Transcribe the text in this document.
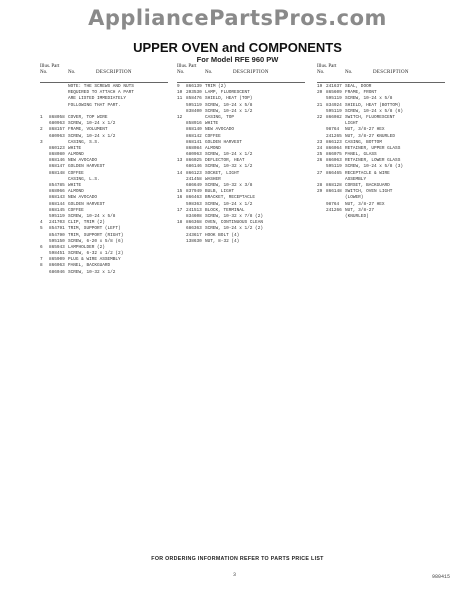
AppliancePartsPros.com
UPPER OVEN and COMPONENTS
For Model RFE 960 PW
Illus. Part
No.	No.	DESCRIPTION
NOTE: THE SCREWS AND NUTS
REQUIRED TO ATTACH A PART
ARE LISTED IMMEDIATELY
FOLLOWING THAT PART.
1 868058 COVER, TOP WIRE
680963 SCREW, 10-24 x 1/2
2 868157 FRAME, VOLUMENT
680963 SCREW, 10-24 x 1/2
3	CASING, S.S.
860123 WHITE
868080 ALMOND
868146 NEW AVOCADO
868147 GOLDEN HARVEST
868148 COFFEE
CASING, L.S.
854785 WHITE
868066 ALMOND
868143 NEW AVOCADO
868144 GOLDEN HARVEST
868145 COFFEE
595119 SCREW, 10-24 x 5/8
4 241703 CLIP, TRIM (2)
5 854791 TRIM, SUPPORT (LEFT)
854790 TRIM, SUPPORT (RIGHT)
595150 SCREW, 6-20 x 5/8 (6)
6 865943 LAMPHOLDER (2)
598451 SCREW, 6-32 x 1/2 (2)
7 865909 PLUG & WIRE ASSEMBLY
8 866063 PANEL, BACKGUARD
686046 SCREW, 10-32 x 1/2
Illus. Part
No.	No.	DESCRIPTION
9 866139 TRIM (2)
10 203530 LAMP, FLUORESCENT
11 858476 SHIELD, HEAT (TOP)
595119 SCREW, 10-24 x 5/8
838400 SCREW, 10-24 x 1/2
12	CASING, TOP
858916 WHITE
868140 NEW AVOCADO
868142 COFFEE
868141 GOLDEN HARVEST
868084 ALMOND
680963 SCREW, 10-24 x 1/2
13 866025 DEFLECTOR, HEAT
686146 SCREW, 10-32 x 1/2
14 866123 SOCKET, LIGHT
241458 WASHER
686649 SCREW, 10-32 x 3/8
15 837949 BULB, LIGHT
16 866463 BRACKET, RECEPTACLE
598363 SCREW, 10-24 x 1/2
17 241513 BLOCK, TERMINAL
834608 SCREW, 10-32 x 7/8 (2)
18 866368 OVEN, CONTINUOUS CLEAN
686363 SCREW, 10-24 x 1/2 (2)
243617 HOOK BOLT (4)
138630 NUT, 8-32 (4)
Illus. Part
No.	No.	DESCRIPTION
19 241637 SEAL, DOOR
20 865609 FRAME, FRONT
595119 SCREW, 10-24 x 5/8
21 834924 SHIELD, HEAT (BOTTOM)
595119 SCREW, 10-24 x 5/8 (6)
22 866082 SWITCH, FLUORESCENT
LIGHT
98764 NUT, 3/8-27 HEX
241265 NUT, 3/8-27 KNURLED
23 866123 CASING, BOTTOM
24 866064 RETAINER, UPPER GLASS
25 866075 PANEL, GLASS
26 866063 RETAINER, LOWER GLASS
595119 SCREW, 10-24 x 5/8 (3)
27 866465 RECEPTACLE & WIRE
ASSEMBLY
28 868128 CORSET, BACKGUARD
29 866148 SWITCH, OVEN LIGHT
(LOWER)
98764 NUT, 3/8-27 HEX
241266 NUT, 3/8-27
(KNURLED)
FOR ORDERING INFORMATION REFER TO PARTS PRICE LIST
3	980415
